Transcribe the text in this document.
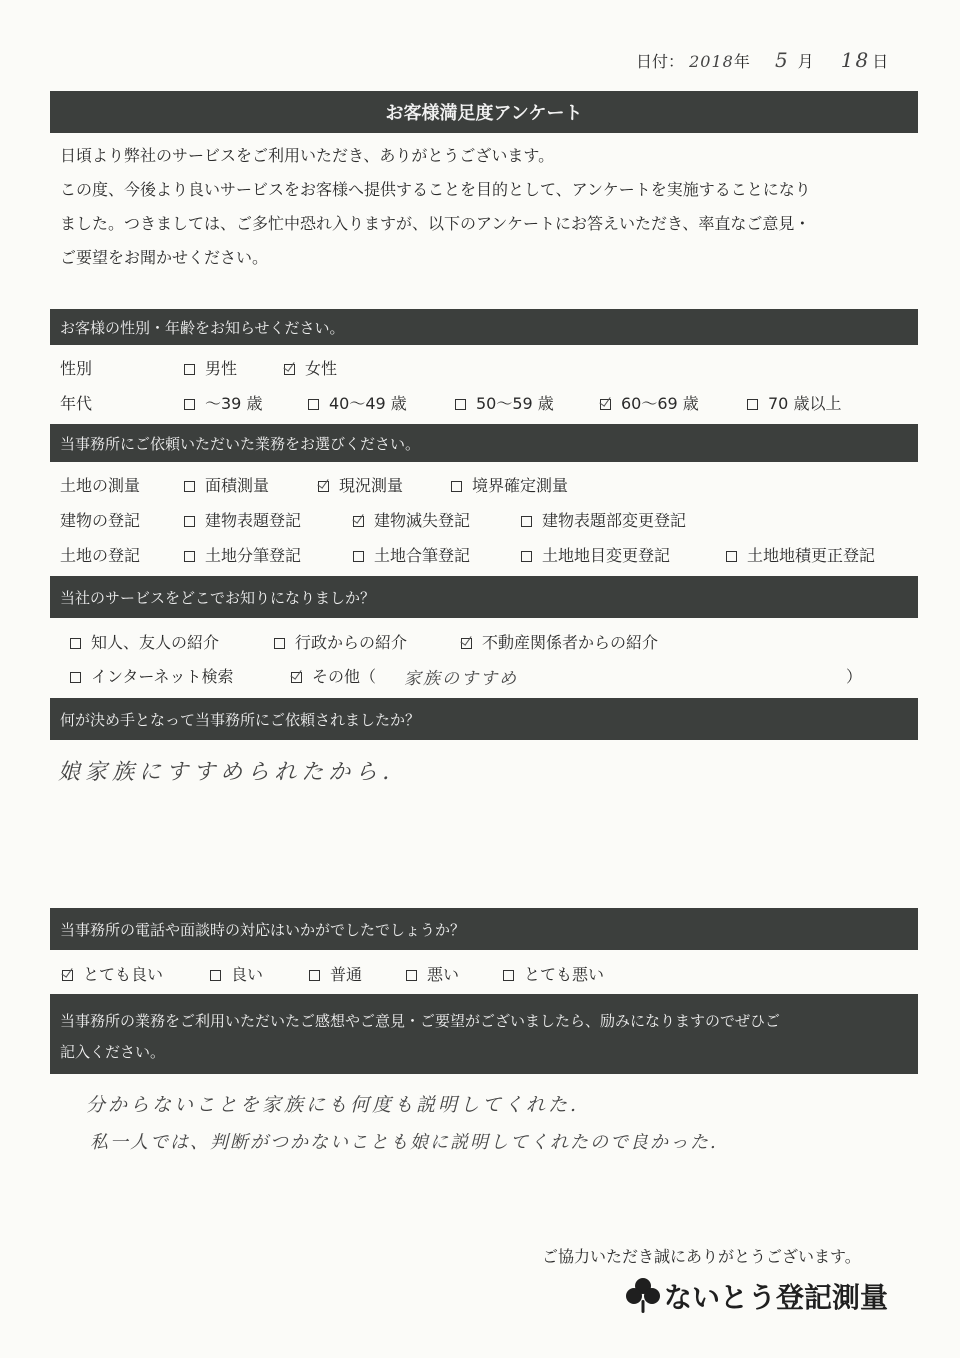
日付： 2018年 5 月 18 日
お客様満足度アンケート
日頃より弊社のサービスをご利用いただき、ありがとうございます。
この度、今後より良いサービスをお客様へ提供することを目的として、アンケートを実施することになり
ました。つきましては、ご多忙中恐れ入りますが、以下のアンケートにお答えいただき、率直なご意見・
ご要望をお聞かせください。
お客様の性別・年齢をお知らせください。
性別	男性	女性
年代	～39 歳	40～49 歳	50～59 歳	60～69 歳	70 歳以上
当事務所にご依頼いただいた業務をお選びください。
土地の測量	面積測量	現況測量	境界確定測量
建物の登記	建物表題登記	建物滅失登記	建物表題部変更登記
土地の登記	土地分筆登記	土地合筆登記	土地地目変更登記	土地地積更正登記
当社のサービスをどこでお知りになりましか？
知人、友人の紹介	行政からの紹介	不動産関係者からの紹介
インターネット検索	その他（ 家族のすすめ	）
何が決め手となって当事務所にご依頼されましたか？
娘家族にすすめられたから.
当事務所の電話や面談時の対応はいかがでしたでしょうか？
とても良い	良い	普通	悪い	とても悪い
当事務所の業務をご利用いただいたご感想やご意見・ご要望がございましたら、励みになりますのでぜひご
記入ください。
分からないことを家族にも何度も説明してくれた.
私一人では、判断がつかないことも娘に説明してくれたので良かった.
ご協力いただき誠にありがとうございます。
ないとう登記測量
